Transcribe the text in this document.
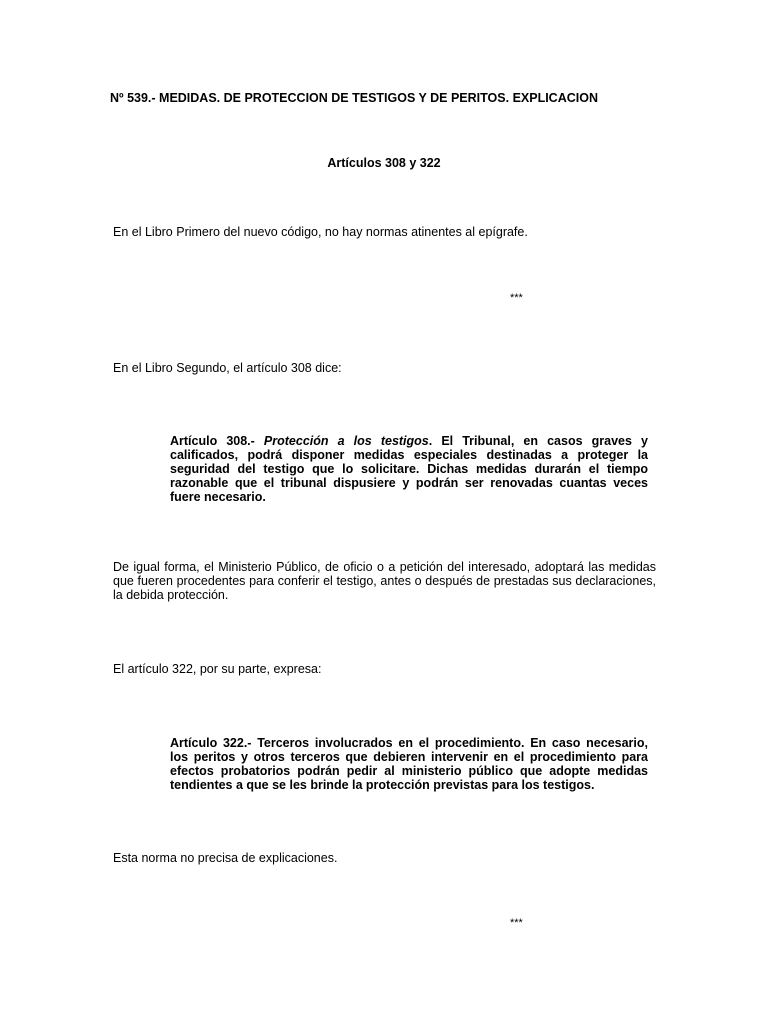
Nº 539.- MEDIDAS. DE PROTECCION DE TESTIGOS Y DE PERITOS. EXPLICACION

Artículos 308 y 322

En el Libro Primero del nuevo código, no hay normas atinentes al epígrafe.

***

En el Libro Segundo, el artículo 308 dice:

Artículo 308.- Protección a los testigos. El Tribunal, en casos graves y calificados, podrá disponer medidas especiales destinadas a proteger la seguridad del testigo que lo solicitare. Dichas medidas durarán el tiempo razonable que el tribunal dispusiere y podrán ser renovadas cuantas veces fuere necesario.

De igual forma, el Ministerio Público, de oficio o a petición del interesado, adoptará las medidas que fueren procedentes para conferir el testigo, antes o después de prestadas sus declaraciones, la debida protección.

El artículo 322, por su parte, expresa:

Artículo 322.- Terceros involucrados en el procedimiento. En caso necesario, los peritos y otros terceros que debieren intervenir en el procedimiento para efectos probatorios podrán pedir al ministerio público que adopte medidas tendientes a que se les brinde la protección previstas para los testigos.

Esta norma no precisa de explicaciones.

***
